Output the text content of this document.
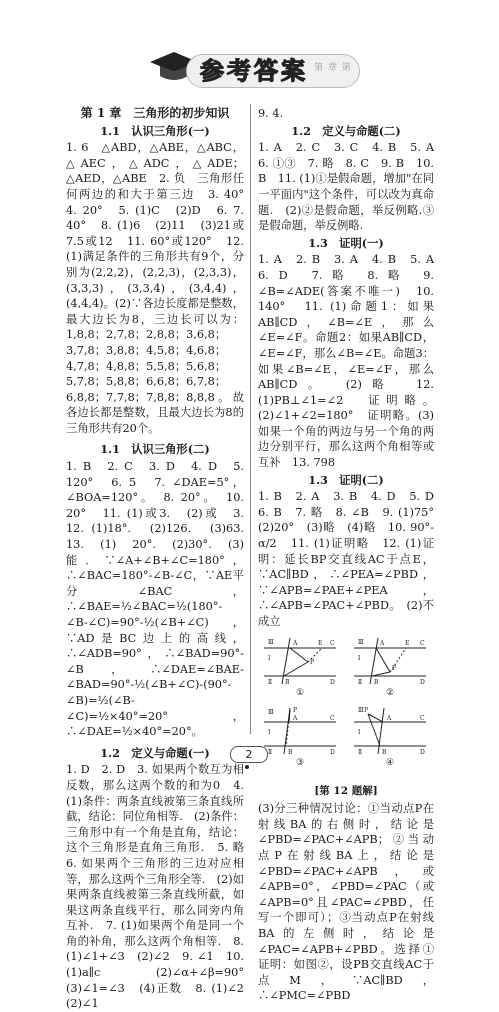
参考答案 第 章 第
第 1 章　三角形的初步知识
1.1　认识三角形(一)

1. 6　△ABD，△ABE，△ABC，△AEC，△ADC，△ADE；△AED，△ABE　2. 负　三角形任何两边的和大于第三边　3. 40°　4. 20°　5. (1)C　(2)D　6. 7. 40°　8. (1)6　(2)11　(3)21或7.5或12　11. 60°或120°　12. (1)满足条件的三角形共有9个，分别为(2,2,2)，(2,2,3)，(2,3,3)，(3,3,3)，(3,3,4)，(3,4,4)，(4,4,4)。(2)∵各边长度都是整数，最大边长为8，三边长可以为：1,8,8；2,7,8；2,8,8；3,6,8；3,7,8；3,8,8；4,5,8；4,6,8；4,7,8；4,8,8；5,5,8；5,6,8；5,7,8；5,8,8；6,6,8；6,7,8；6,8,8；7,7,8；7,8,8；8,8,8。故各边长都是整数，且最大边长为8的三角形共有20个。

1.1　认识三角形(二)

1. B　2. C　3. D　4. D　5. 120°　6. 5　7. ∠DAE=5°，∠BOA=120°。　8. 20°。　10. 20°　11. (1)或3.　(2)或　3.　12. (1)18°.　(2)126.　(3)63.　13.　(1)　20°.　(2)30°.　(3)能．∵∠A+∠B+∠C=180°，∴∠BAC=180°-∠B-∠C，∵AE平分∠BAC，∴∠BAE=½∠BAC=½(180°-∠B-∠C)=90°-½(∠B+∠C)，∵AD是BC边上的高线，∴∠ADB=90°，∴∠BAD=90°-∠B，∴∠DAE=∠BAE-∠BAD=90°-½(∠B+∠C)-(90°-∠B)=½(∠B-∠C)=½×40°=20°，∴∠DAE=½×40°=20°。

1.2　定义与命题(一)

1. D　2. D　3. 如果两个数互为相反数，那么这两个数的和为0　4. (1)条件：两条直线被第三条直线所截，结论：同位角相等.　(2)条件：三角形中有一个角是直角，结论：这个三角形是直角三角形.　5. 略　6. 如果两个三角形的三边对应相等，那么这两个三角形全等.　(2)如果两条直线被第三条直线所截，如果这两条直线平行，那么同旁内角互补.　7. (1)如果两个角是同一个角的补角，那么这两个角相等.　8. (1)∠1+∠3　(2)∠2　9. ∠1　10. (1)a∥c　(2)∠α+∠β=90°　(3)∠1=∠3　(4)正数　8. (1)∠2　(2)∠1

9. 4.

1.2　定义与命题(二)

1. A　2. C　3. C　4. B　5. A　6. ①③　7. 略　8. C　9. B　10. B　11. (1)①是假命题，增加"在同一平面内"这个条件，可以改为真命题.　(2)②是假命题，举反例略.③是假命题，举反例略.

1.3　证明(一)

1. A　2. B　3. A　4. B　5. A　6. D　7. 略　8. 略　9. ∠B=∠ADE(答案不唯一)　10. 140°　11. (1)命题1：如果AB∥CD，∠B=∠E，那么∠E=∠F。命题2：如果AB∥CD，∠E=∠F，那么∠B=∠E。命题3：如果∠B=∠E，∠E=∠F，那么AB∥CD。　(2)略　12. (1)PB⊥∠1=∠2　证明略。(2)∠1+∠2=180°　证明略。(3)如果一个角的两边与另一个角的两边分别平行，那么这两个角相等或互补　13. 798

1.3　证明(二)

1. B　2. A　3. B　4. D　5. D　6. B　7. 略　8. ∠B　9. (1)75°　(2)20°　(3)略　(4)略　10. 90°-α/2　11. (1)证明略　12. (1)证明：延长BP交直线AC于点E，∵AC∥BD，∴∠PEA=∠PBD，∵∠APB=∠PAE+∠PEA，∴∠APB=∠PAC+∠PBD。　(2)不成立

Ⅲ	A	E C
P
Ⅰ
Ⅱ B	D
①
Ⅲ	A	E C
P
Ⅰ
Ⅱ B	D
②
Ⅲ	P
A	C
Ⅰ
Ⅱ	B	D
③
Ⅲ P
A	C
Ⅰ
Ⅱ	B	D
④
[第 12 题解]

(3)分三种情况讨论：①当动点P在射线BA的右侧时，结论是∠PBD=∠PAC+∠APB；②当动点P在射线BA上，结论是∠PBD=∠PAC+∠APB，或∠APB=0°，∠PBD=∠PAC（或∠APB=0°且∠PAC=∠PBD，任写一个即可）；③当动点P在射线BA的左侧时，结论是∠PAC=∠APB+∠PBD。选择①证明：如图②，设PB交直线AC于点M，∵AC∥BD，∴∠PMC=∠PBD

2
